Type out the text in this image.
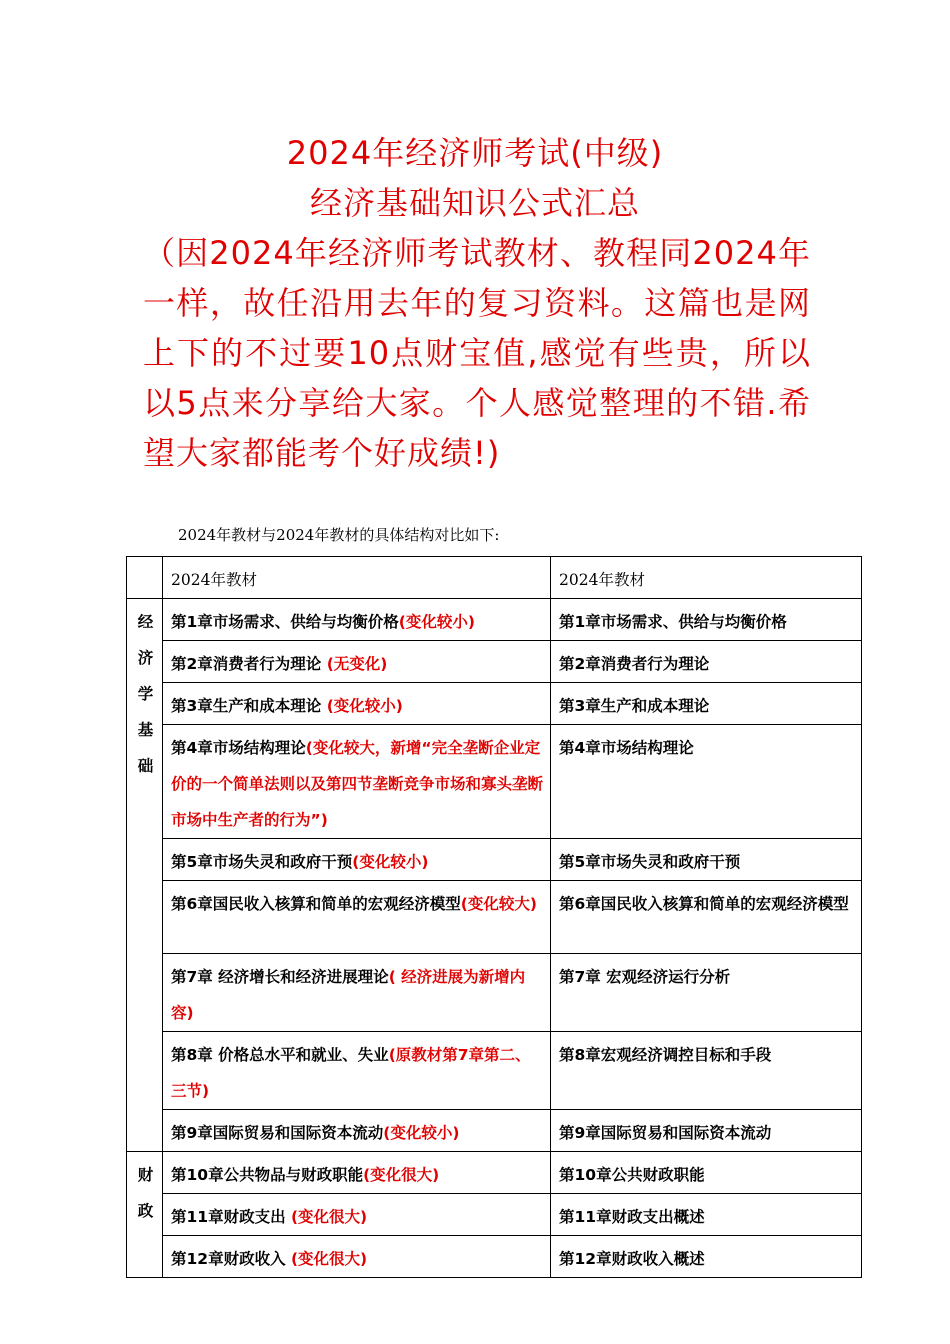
2024年经济师考试(中级)
经济基础知识公式汇总
（因2024年经济师考试教材、教程同2024年一样，故任沿用去年的复习资料。这篇也是网上下的不过要10点财宝值,感觉有些贵，所以以5点来分享给大家。个人感觉整理的不错.希望大家都能考个好成绩!)
2024年教材与2024年教材的具体结构对比如下:
	2024年教材	2024年教材

经
济
学
基
础	第1章市场需求、供给与均衡价格(变化较小)	第1章市场需求、供给与均衡价格
	第2章消费者行为理论 (无变化)	第2章消费者行为理论
	第3章生产和成本理论 (变化较小)	第3章生产和成本理论
	第4章市场结构理论(变化较大，新增“完全垄断企业定价的一个简单法则以及第四节垄断竞争市场和寡头垄断市场中生产者的行为”)	第4章市场结构理论
	第5章市场失灵和政府干预(变化较小)	第5章市场失灵和政府干预
	第6章国民收入核算和简单的宏观经济模型(变化较大)	第6章国民收入核算和简单的宏观经济模型
	第7章 经济增长和经济进展理论( 经济进展为新增内容)	第7章 宏观经济运行分析
	第8章 价格总水平和就业、失业(原教材第7章第二、三节)	第8章宏观经济调控目标和手段
	第9章国际贸易和国际资本流动(变化较小)	第9章国际贸易和国际资本流动

财
政	第10章公共物品与财政职能(变化很大)	第10章公共财政职能
	第11章财政支出 (变化很大)	第11章财政支出概述
	第12章财政收入 (变化很大)	第12章财政收入概述
